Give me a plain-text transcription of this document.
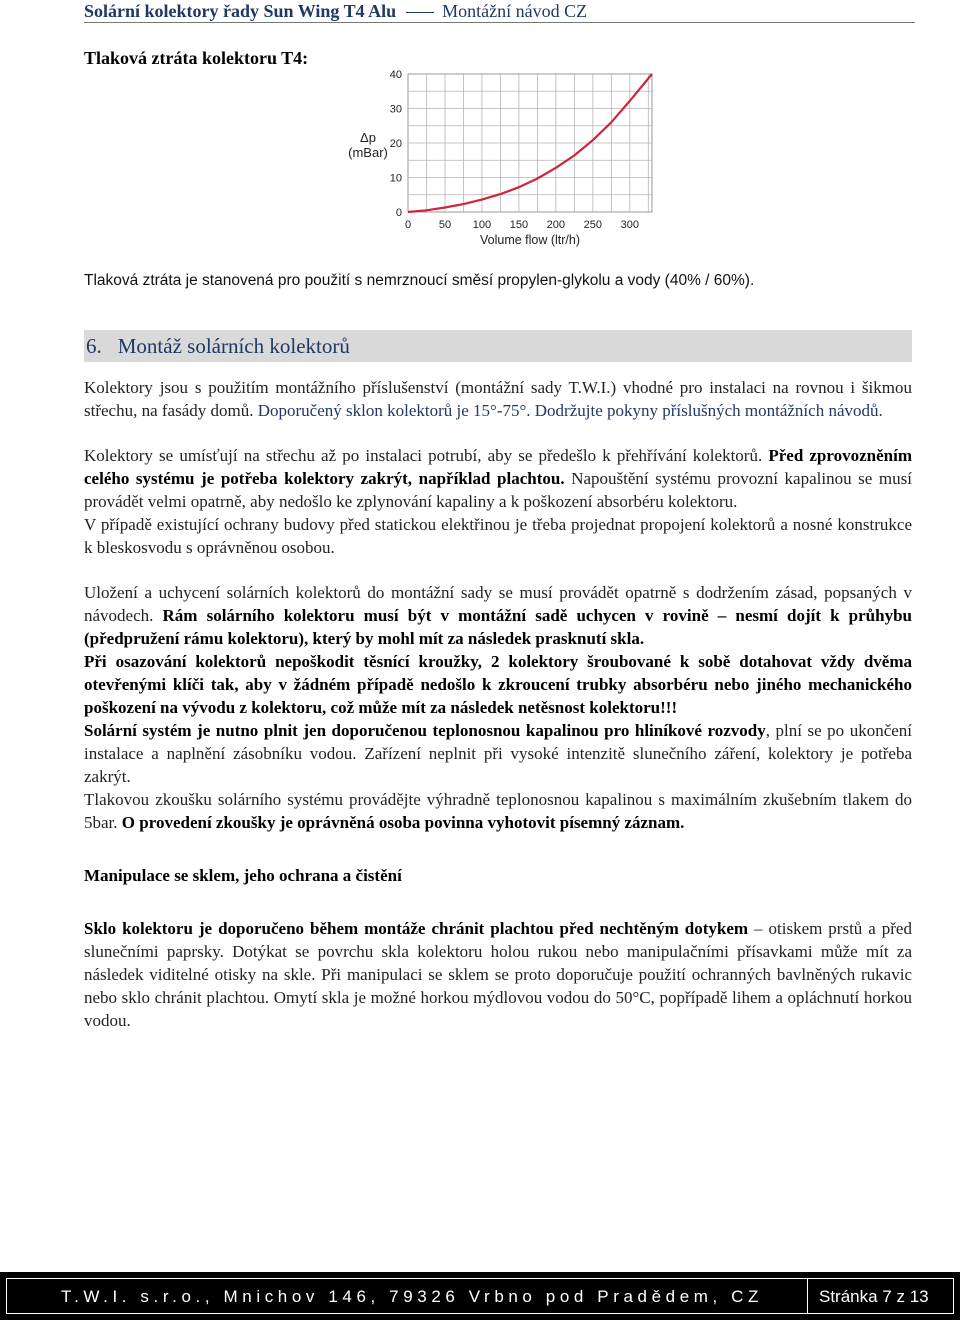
Solární kolektory řady Sun Wing T4 Alu	Montážní návod CZ
Tlaková ztráta kolektoru T4:
0
10
20
30
40
0	50 100 150 200 250 300
Δp
(mBar)
Volume flow (ltr/h)
Tlaková ztráta je stanovená pro použití s nemrznoucí směsí propylen-glykolu a vody (40% / 60%).
6. Montáž solárních kolektorů

Kolektory jsou s použitím montážního příslušenství (montážní sady T.W.I.) vhodné pro instalaci na rovnou i šikmou střechu, na fasády domů. Doporučený sklon kolektorů je 15°-75°. Dodržujte pokyny příslušných montážních návodů.

Kolektory se umísťují na střechu až po instalaci potrubí, aby se předešlo k přehřívání kolektorů. Před zprovozněním celého systému je potřeba kolektory zakrýt, například plachtou. Napouštění systému provozní kapalinou se musí provádět velmi opatrně, aby nedošlo ke zplynování kapaliny a k poškození absorbéru kolektoru.

V případě existující ochrany budovy před statickou elektřinou je třeba projednat propojení kolektorů a nosné konstrukce k bleskosvodu s oprávněnou osobou.

Uložení a uchycení solárních kolektorů do montážní sady se musí provádět opatrně s dodržením zásad, popsaných v návodech. Rám solárního kolektoru musí být v montážní sadě uchycen v rovině – nesmí dojít k průhybu (předpružení rámu kolektoru), který by mohl mít za následek prasknutí skla.

Při osazování kolektorů nepoškodit těsnící kroužky, 2 kolektory šroubované k sobě dotahovat vždy dvěma otevřenými klíči tak, aby v žádném případě nedošlo k zkroucení trubky absorbéru nebo jiného mechanického poškození na vývodu z kolektoru, což může mít za následek netěsnost kolektoru!!!

Solární systém je nutno plnit jen doporučenou teplonosnou kapalinou pro hliníkové rozvody, plní se po ukončení instalace a naplnění zásobníku vodou. Zařízení neplnit při vysoké intenzitě slunečního záření, kolektory je potřeba zakrýt.

Tlakovou zkoušku solárního systému provádějte výhradně teplonosnou kapalinou s maximálním zkušebním tlakem do 5bar. O provedení zkoušky je oprávněná osoba povinna vyhotovit písemný záznam.

Manipulace se sklem, jeho ochrana a čistění

Sklo kolektoru je doporučeno během montáže chránit plachtou před nechtěným dotykem – otiskem prstů a před slunečními paprsky. Dotýkat se povrchu skla kolektoru holou rukou nebo manipulačními přísavkami může mít za následek viditelné otisky na skle. Při manipulaci se sklem se proto doporučuje použití ochranných bavlněných rukavic nebo sklo chránit plachtou. Omytí skla je možné horkou mýdlovou vodou do 50°C, popřípadě lihem a opláchnutí horkou vodou.

T.W.I. s.r.o., Mnichov 146, 79326 Vrbno pod Pradědem, CZ	Stránka 7 z 13
